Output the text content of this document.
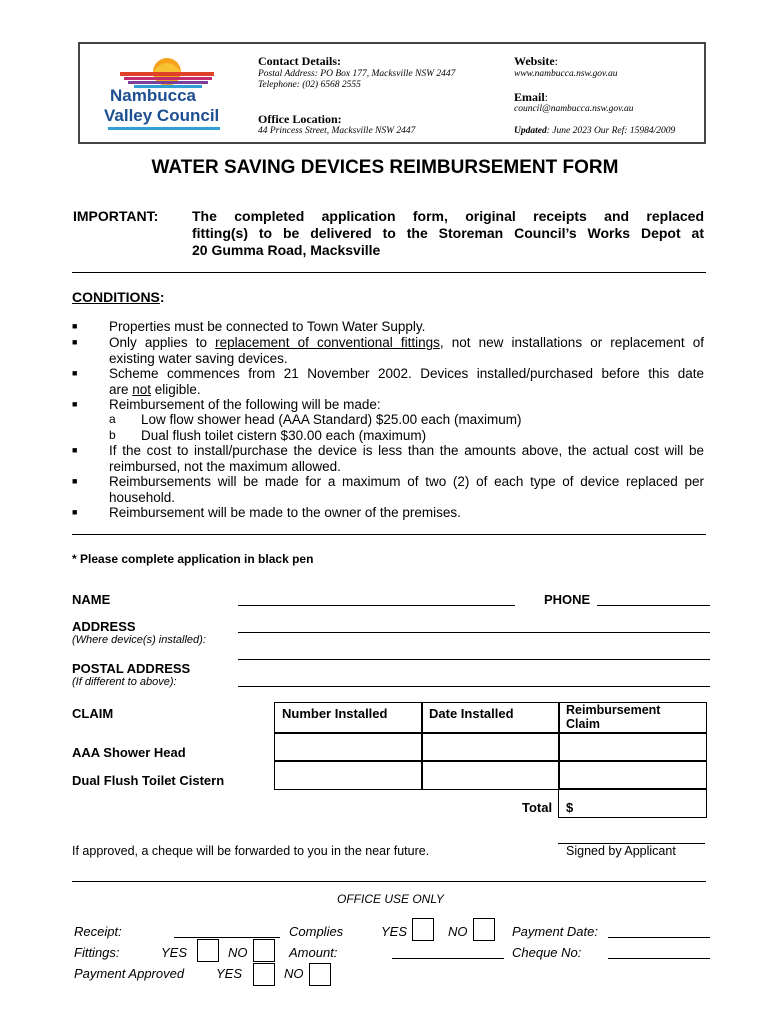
Nambucca
Valley Council
Contact Details:
Postal Address: PO Box 177, Macksville NSW 2447
Telephone: (02) 6568 2555
Office Location:
44 Princess Street, Macksville NSW 2447
Website:
www.nambucca.nsw.gov.au
Email:
council@nambucca.nsw.gov.au
Updated: June 2023 Our Ref: 15984/2009
WATER SAVING DEVICES REIMBURSEMENT FORM
IMPORTANT: The completed application form, original receipts and replaced
fitting(s) to be delivered to the Storeman Council’s Works Depot at
20 Gumma Road, Macksville
CONDITIONS:
■ Properties must be connected to Town Water Supply.
■ Only applies to replacement of conventional fittings, not new installations or replacement of
existing water saving devices.
■ Scheme commences from 21 November 2002. Devices installed/purchased before this date
are not eligible.
■ Reimbursement of the following will be made:
a Low flow shower head (AAA Standard) $25.00 each (maximum)
b Dual flush toilet cistern $30.00 each (maximum)
■ If the cost to install/purchase the device is less than the amounts above, the actual cost will be
reimbursed, not the maximum allowed.
■ Reimbursements will be made for a maximum of two (2) of each type of device replaced per
household.
■ Reimbursement will be made to the owner of the premises.
* Please complete application in black pen
NAME	PHONE
ADDRESS
(Where device(s) installed):
POSTAL ADDRESS
(If different to above):
CLAIM	Number Installed	Date Installed	Reimbursement
Claim
AAA Shower Head
Dual Flush Toilet Cistern
Total $
If approved, a cheque will be forwarded to you in the near future.	Signed by Applicant
OFFICE USE ONLY
Receipt:	Complies	YES	NO	Payment Date:
Fittings:	YES	NO	Amount:	Cheque No:
Payment Approved YES	NO
